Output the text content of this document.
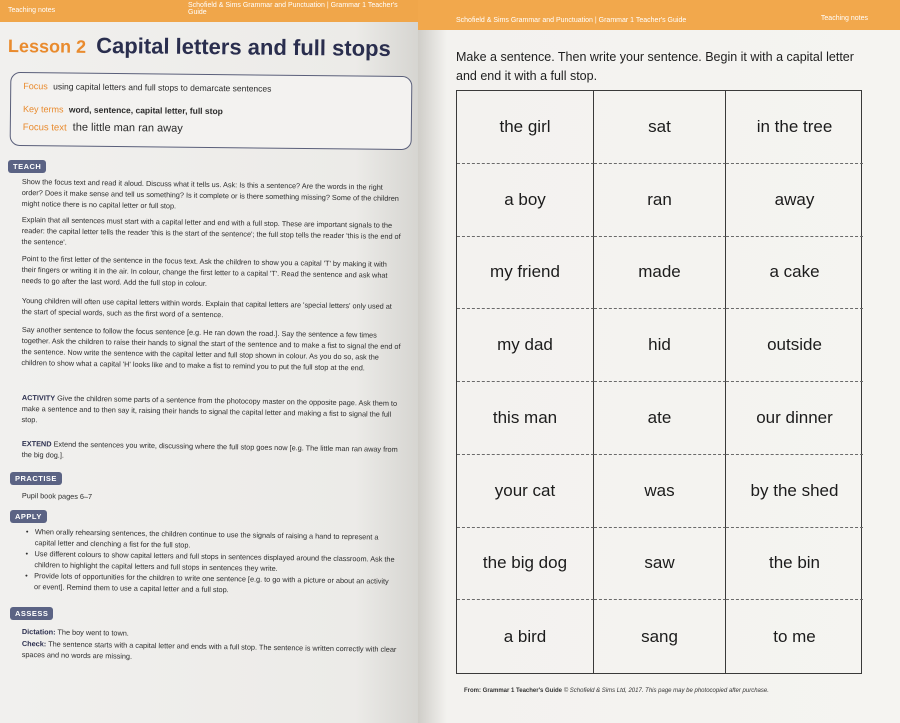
Teaching notes
Schofield & Sims Grammar and Punctuation | Grammar 1 Teacher's Guide
Lesson 2 Capital letters and full stops
Focus using capital letters and full stops to demarcate sentences
Key terms word, sentence, capital letter, full stop
Focus text the little man ran away
TEACH

Show the focus text and read it aloud. Discuss what it tells us. Ask: Is this a sentence? Are the words in the right order? Does it make sense and tell us something? Is it complete or is there something missing? Some of the children might notice there is no capital letter or full stop.

Explain that all sentences must start with a capital letter and end with a full stop. These are important signals to the reader: the capital letter tells the reader 'this is the start of the sentence'; the full stop tells the reader 'this is the end of the sentence'.

Point to the first letter of the sentence in the focus text. Ask the children to show you a capital 'T' by making it with their fingers or writing it in the air. In colour, change the first letter to a capital 'T'. Read the sentence and ask what needs to go after the last word. Add the full stop in colour.

Young children will often use capital letters within words. Explain that capital letters are 'special letters' only used at the start of special words, such as the first word of a sentence.

Say another sentence to follow the focus sentence [e.g. He ran down the road.]. Say the sentence a few times together. Ask the children to raise their hands to signal the start of the sentence and to make a fist to signal the end of the sentence. Now write the sentence with the capital letter and full stop shown in colour. As you do so, ask the children to show what a capital 'H' looks like and to make a fist to remind you to put the full stop at the end.

ACTIVITY Give the children some parts of a sentence from the photocopy master on the opposite page. Ask them to make a sentence and to then say it, raising their hands to signal the capital letter and making a fist to signal the full stop.

EXTEND Extend the sentences you write, discussing where the full stop goes now [e.g. The little man ran away from the big dog.].

PRACTISE

Pupil book pages 6–7

APPLY
• When orally rehearsing sentences, the children continue to use the signals of raising a hand to represent a capital letter and clenching a fist for the full stop.
• Use different colours to show capital letters and full stops in sentences displayed around the classroom. Ask the children to highlight the capital letters and full stops in sentences they write.
• Provide lots of opportunities for the children to write one sentence [e.g. to go with a picture or about an activity or event]. Remind them to use a capital letter and a full stop.
ASSESS

Dictation: The boy went to town.

Check: The sentence starts with a capital letter and ends with a full stop. The sentence is written correctly with clear spaces and no words are missing.

Schofield & Sims Grammar and Punctuation | Grammar 1 Teacher's Guide	Teaching notes

Make a sentence. Then write your sentence. Begin it with a capital letter and end it with a full stop.

the girl	sat	in the tree
a boy	ran	away
my friend	made	a cake
my dad	hid	outside
this man	ate	our dinner
your cat	was	by the shed
the big dog	saw	the bin
a bird	sang	to me
From: Grammar 1 Teacher's Guide © Schofield & Sims Ltd, 2017. This page may be photocopied after purchase.
